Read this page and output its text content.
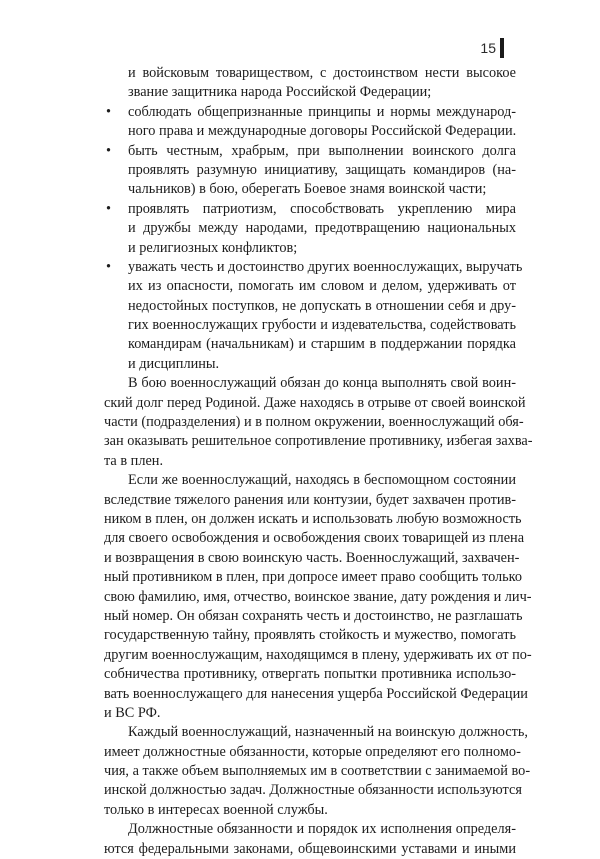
15
и войсковым товариществом, с достоинством нести высокое
звание защитника народа Российской Федерации;
•	соблюдать общепризнанные принципы и нормы международ-
ного права и международные договоры Российской Федерации.
•	быть честным, храбрым, при выполнении воинского долга
проявлять разумную инициативу, защищать командиров (на-
чальников) в бою, оберегать Боевое знамя воинской части;
•	проявлять патриотизм, способствовать укреплению мира
и дружбы между народами, предотвращению национальных
и религиозных конфликтов;
•	уважать честь и достоинство других военнослужащих, выручать
их из опасности, помогать им словом и делом, удерживать от
недостойных поступков, не допускать в отношении себя и дру-
гих военнослужащих грубости и издевательства, содействовать
командирам (начальникам) и старшим в поддержании порядка
и дисциплины.
В бою военнослужащий обязан до конца выполнять свой воин-
ский долг перед Родиной. Даже находясь в отрыве от своей воинской
части (подразделения) и в полном окружении, военнослужащий обя-
зан оказывать решительное сопротивление противнику, избегая захва-
та в плен.
Если же военнослужащий, находясь в беспомощном состоянии
вследствие тяжелого ранения или контузии, будет захвачен против-
ником в плен, он должен искать и использовать любую возможность
для своего освобождения и освобождения своих товарищей из плена
и возвращения в свою воинскую часть. Военнослужащий, захвачен-
ный противником в плен, при допросе имеет право сообщить только
свою фамилию, имя, отчество, воинское звание, дату рождения и лич-
ный номер. Он обязан сохранять честь и достоинство, не разглашать
государственную тайну, проявлять стойкость и мужество, помогать
другим военнослужащим, находящимся в плену, удерживать их от по-
собничества противнику, отвергать попытки противника использо-
вать военнослужащего для нанесения ущерба Российской Федерации
и ВС РФ.
Каждый военнослужащий, назначенный на воинскую должность,
имеет должностные обязанности, которые определяют его полномо-
чия, а также объем выполняемых им в соответствии с занимаемой во-
инской должностью задач. Должностные обязанности используются
только в интересах военной службы.
Должностные обязанности и порядок их исполнения определя-
ются федеральными законами, общевоинскими уставами и иными
